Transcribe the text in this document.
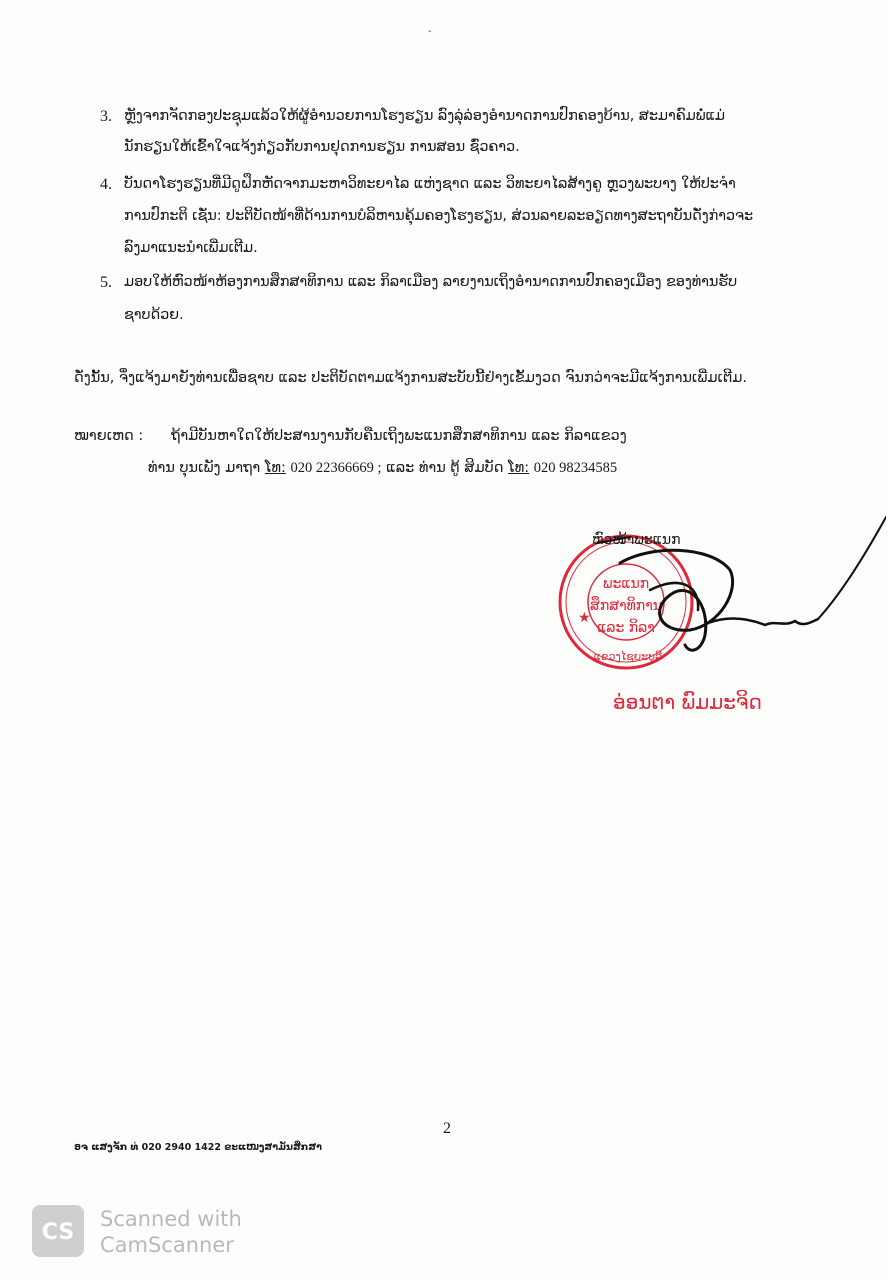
-
3. ຫຼັງຈາກຈັດກອງປະຊຸມແລ້ວໃຫ້ຜູ້ອຳນວຍການໂຮງຮຽນ ລົງລຸ່ລ່ອງອຳນາດການປົກຄອງບ້ານ, ສະມາຄົມພໍ່ແມ່
ນັກຮຽນໃຫ້ເຂົ້າໃຈແຈ້ງກ່ຽວກັບການຢຸດການຮຽນ ການສອນ ຊົ່ວຄາວ.
4. ບັນດາໂຮງຮຽນທີ່ມີດູຝຶກຫັດຈາກມະຫາວິທະຍາໄລ ແຫ່ງຊາດ ແລະ ວິທະຍາໄລສ້າງຄູ ຫຼວງພະບາງ ໃຫ້ປະຈຳ
ການປົກະຕິ ເຊັ່ນ: ປະຕິບັດໜ້າທີ່ດ້ານການບໍລິຫານຄຸ້ມຄອງໂຮງຮຽນ, ສ່ວນລາຍລະອຽດທາງສະຖາບັນດັ່ງກ່າວຈະ
ລົງມາແນະນຳເພີ່ມເຕີມ.
5. ມອບໃຫ້ຫົວໜ້າຫ້ອງການສຶກສາທິການ ແລະ ກິລາເມືອງ ລາຍງານເຖິງອຳນາດການປົກຄອງເມືອງ ຂອງທ່ານຮັບ
ຊາບດ້ວຍ.
ດັ່ງນັ້ນ, ຈຶ່ງແຈ້ງມາຍັງທ່ານເພື່ອຊາບ ແລະ ປະຕິບັດຕາມແຈ້ງການສະບັບນີ້ຢ່າງເຂັ້ມງວດ ຈົນກວ່າຈະມີແຈ້ງການເພີ່ມເຕີມ.
ໝາຍເຫດ : ຖ້າມີບັນຫາໃດໃຫ້ປະສານງານກັບຄືນເຖິງພະແນກສຶກສາທິການ ແລະ ກິລາແຂວງ
ທ່ານ ບຸນເພັງ ມາຖາ ໂທ: 020 22366669 ; ແລະ ທ່ານ ຕູ້ ສິມບັດ ໂທ: 020 98234585
★
ພະແນກ
ສຶກສາທິການ
ແລະ ກິລາ
ແຂວງໄຊຍະບູລີ
ຫົວໜ້າພະແນກ
ອ່ອນຕາ ພົມມະຈິດ
2
ອຈ ແສງຈັກ ທ່ 020 2940 1422 ຂະແໜງສາມັນສຶກສາ
CS
Scanned with
CamScanner
